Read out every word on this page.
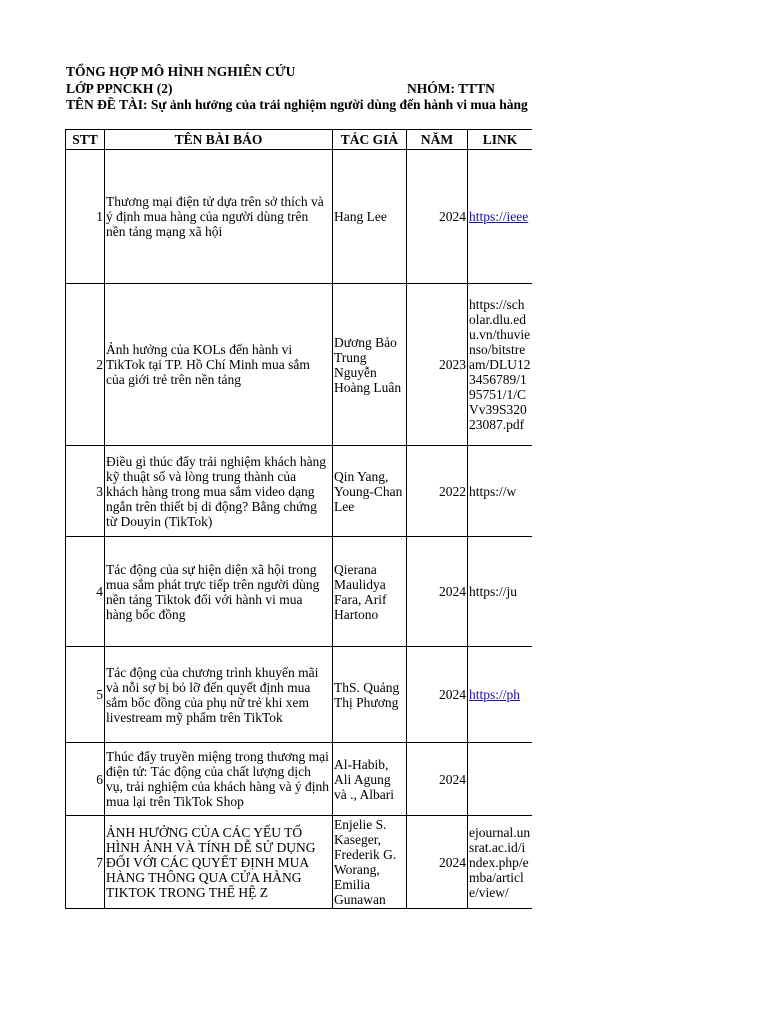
TỔNG HỢP MÔ HÌNH NGHIÊN CỨU
LỚP PPNCKH (2)	NHÓM: TTTN
TÊN ĐỀ TÀI: Sự ảnh hưởng của trải nghiệm người dùng đến hành vi mua hàng
STT	TÊN BÀI BÁO	TÁC GIẢ	NĂM	LINK
1	Thương mại điện tử dựa trên sở thích và ý định mua hàng của người dùng trên nền tảng mạng xã hội	Hang Lee	2024	https://ieee

2	Ảnh hưởng của KOLs đến hành vi TikTok tại TP. Hồ Chí Minh mua sắm của giới trẻ trên nền tảng	Dương Bảo Trung Nguyễn Hoàng Luân	2023	https://scholar.dlu.edu.vn/thuvienso/bitstream/DLU123456789/195751/1/CVv39S32023087.pdf

3	Điều gì thúc đẩy trải nghiệm khách hàng kỹ thuật số và lòng trung thành của khách hàng trong mua sắm video dạng ngắn trên thiết bị di động? Bằng chứng từ Douyin (TikTok)	Qin Yang, Young-Chan Lee	2022	https://w

4	Tác động của sự hiện diện xã hội trong mua sắm phát trực tiếp trên người dùng nền tảng Tiktok đối với hành vi mua hàng bốc đồng	Qierana Maulidya Fara, Arif Hartono	2024	https://ju

5	Tác động của chương trình khuyến mãi và nỗi sợ bị bỏ lỡ đến quyết định mua sắm bốc đồng của phụ nữ trẻ khi xem livestream mỹ phẩm trên TikTok	ThS. Quảng Thị Phương	2024	https://ph

6	Thúc đẩy truyền miệng trong thương mại điện tử: Tác động của chất lượng dịch vụ, trải nghiệm của khách hàng và ý định mua lại trên TikTok Shop	Al-Habib, Ali Agung và ., Albari	2024	

7	ẢNH HƯỞNG CỦA CÁC YẾU TỐ HÌNH ẢNH VÀ TÍNH DỄ SỬ DỤNG ĐỐI VỚI CÁC QUYẾT ĐỊNH MUA HÀNG THÔNG QUA CỬA HÀNG TIKTOK TRONG THẾ HỆ Z	Enjelie S. Kaseger, Frederik G. Worang, Emilia Gunawan	2024	ejournal.unsrat.ac.id/index.php/emba/article/view/
